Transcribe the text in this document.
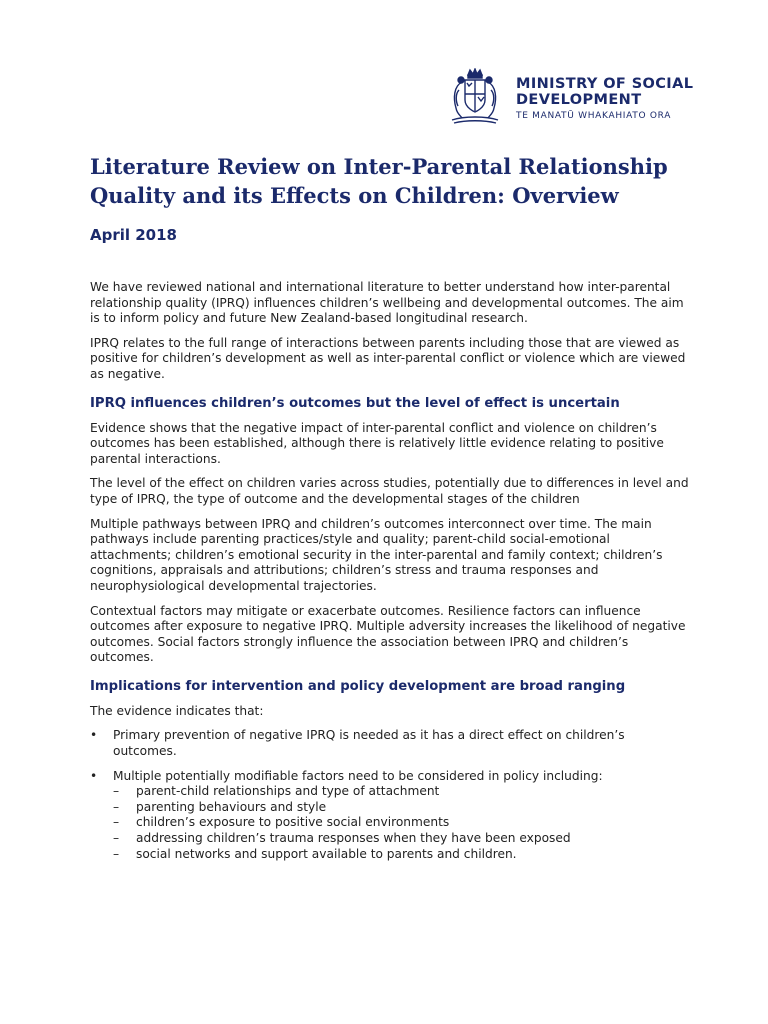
MINISTRY OF SOCIAL
DEVELOPMENT
TE MANATŪ WHAKAHIATO ORA
Literature Review on Inter-Parental Relationship
Quality and its Effects on Children: Overview
April 2018

We have reviewed national and international literature to better understand how inter-parental relationship quality (IPRQ) influences children’s wellbeing and developmental outcomes. The aim is to inform policy and future New Zealand-based longitudinal research.

IPRQ relates to the full range of interactions between parents including those that are viewed as positive for children’s development as well as inter-parental conflict or violence which are viewed as negative.

IPRQ influences children’s outcomes but the level of effect is uncertain

Evidence shows that the negative impact of inter-parental conflict and violence on children’s outcomes has been established, although there is relatively little evidence relating to positive parental interactions.

The level of the effect on children varies across studies, potentially due to differences in level and type of IPRQ, the type of outcome and the developmental stages of the children

Multiple pathways between IPRQ and children’s outcomes interconnect over time. The main pathways include parenting practices/style and quality; parent-child social-emotional attachments; children’s emotional security in the inter-parental and family context; children’s cognitions, appraisals and attributions; children’s stress and trauma responses and neurophysiological developmental trajectories.

Contextual factors may mitigate or exacerbate outcomes. Resilience factors can influence outcomes after exposure to negative IPRQ. Multiple adversity increases the likelihood of negative outcomes. Social factors strongly influence the association between IPRQ and children’s outcomes.

Implications for intervention and policy development are broad ranging

The evidence indicates that:

• Primary prevention of negative IPRQ is needed as it has a direct effect on children’s outcomes.
• Multiple potentially modifiable factors need to be considered in policy including:
– parent-child relationships and type of attachment
– parenting behaviours and style
– children’s exposure to positive social environments
– addressing children’s trauma responses when they have been exposed
– social networks and support available to parents and children.
